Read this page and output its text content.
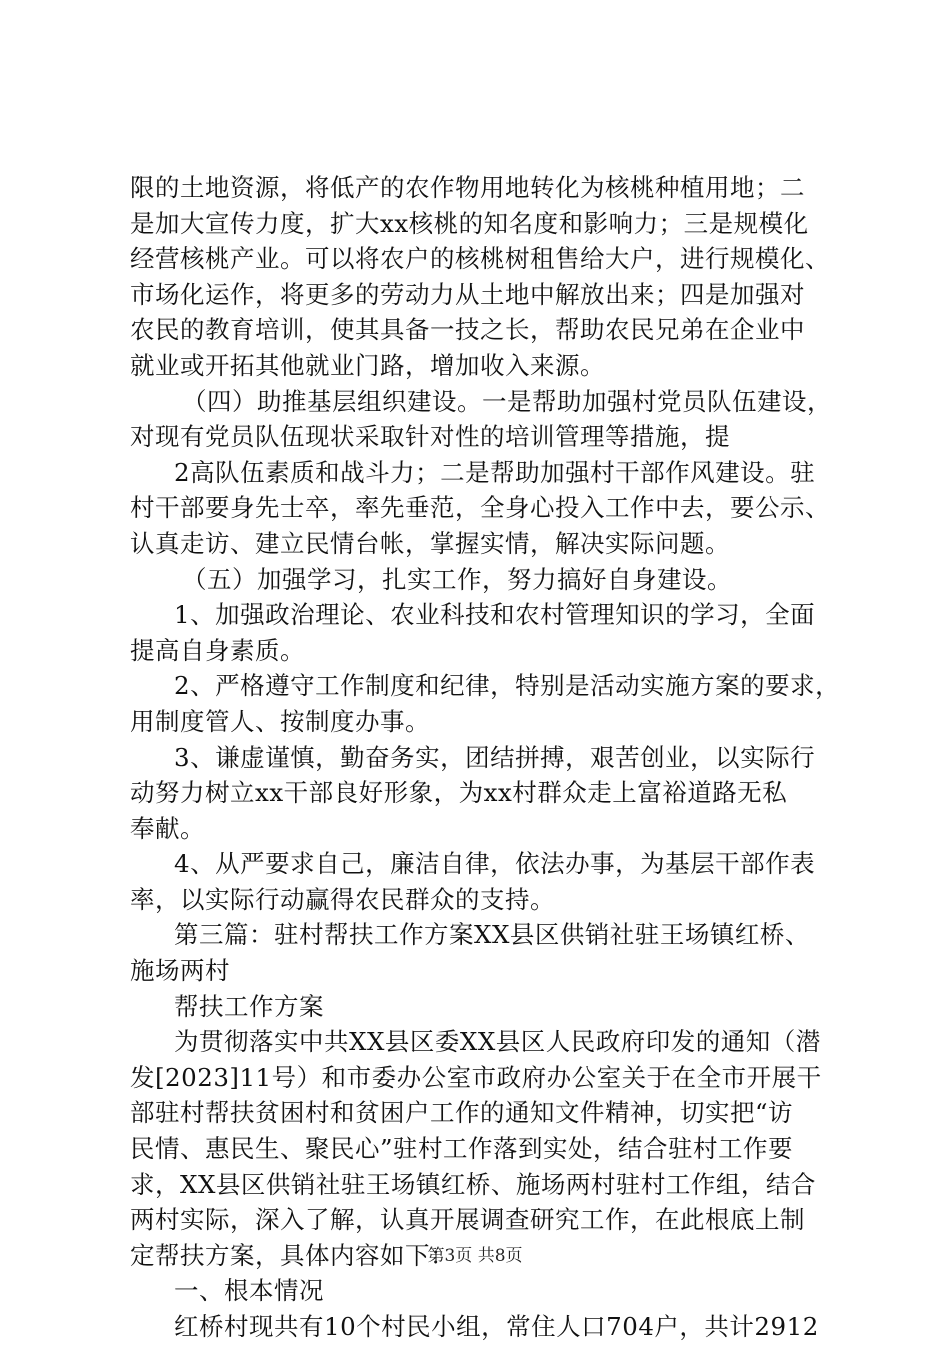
限的土地资源，将低产的农作物用地转化为核桃种植用地；二
是加大宣传力度，扩大xx核桃的知名度和影响力；三是规模化
经营核桃产业。可以将农户的核桃树租售给大户，进行规模化、
市场化运作，将更多的劳动力从土地中解放出来；四是加强对
农民的教育培训，使其具备一技之长，帮助农民兄弟在企业中
就业或开拓其他就业门路，增加收入来源。
（四）助推基层组织建设。一是帮助加强村党员队伍建设，
对现有党员队伍现状采取针对性的培训管理等措施，提
2高队伍素质和战斗力；二是帮助加强村干部作风建设。驻
村干部要身先士卒，率先垂范，全身心投入工作中去，要公示、
认真走访、建立民情台帐，掌握实情，解决实际问题。
（五）加强学习，扎实工作，努力搞好自身建设。
1、加强政治理论、农业科技和农村管理知识的学习，全面
提高自身素质。
2、严格遵守工作制度和纪律，特别是活动实施方案的要求，
用制度管人、按制度办事。
3、谦虚谨慎，勤奋务实，团结拼搏，艰苦创业，以实际行
动努力树立xx干部良好形象，为xx村群众走上富裕道路无私
奉献。
4、从严要求自己，廉洁自律，依法办事，为基层干部作表
率，以实际行动赢得农民群众的支持。
第三篇：驻村帮扶工作方案XX县区供销社驻王场镇红桥、
施场两村
帮扶工作方案
为贯彻落实中共XX县区委XX县区人民政府印发的通知（潜
发[2023]11号）和市委办公室市政府办公室关于在全市开展干
部驻村帮扶贫困村和贫困户工作的通知文件精神，切实把“访
民情、惠民生、聚民心”驻村工作落到实处，结合驻村工作要
求，XX县区供销社驻王场镇红桥、施场两村驻村工作组，结合
两村实际，深入了解，认真开展调查研究工作，在此根底上制
定帮扶方案，具体内容如下：
一、根本情况
红桥村现共有10个村民小组，常住人口704户，共计2912
第3页 共8页
